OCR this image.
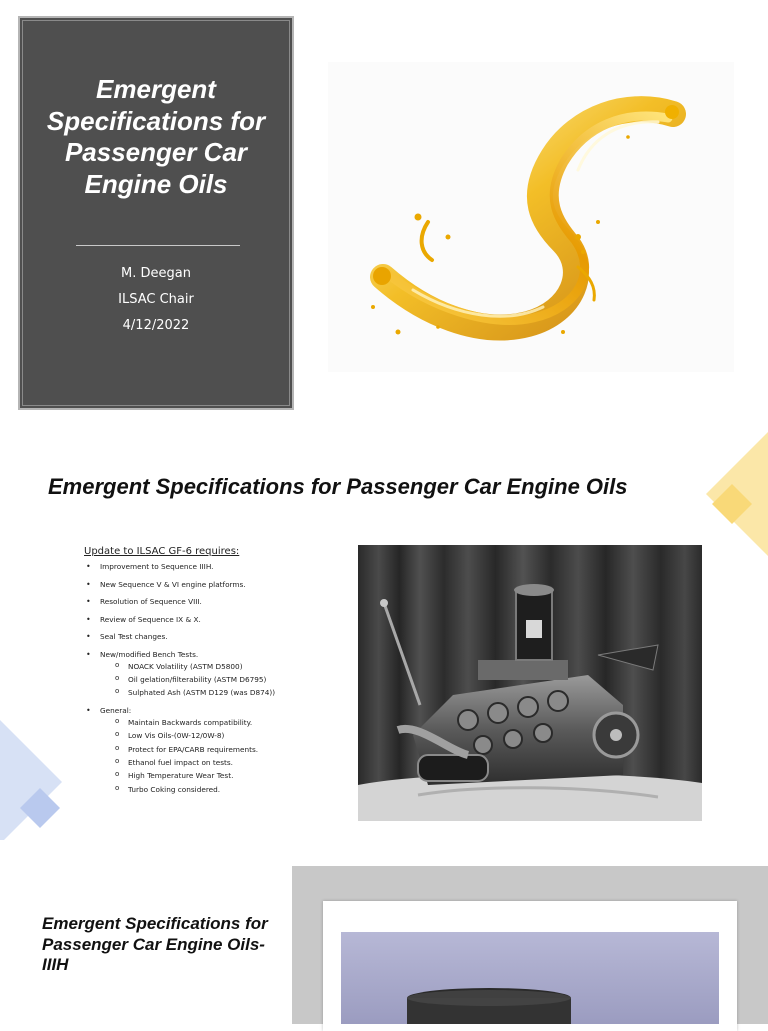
Emergent Specifications for Passenger Car Engine Oils
M. Deegan
ILSAC Chair
4/12/2022
Emergent Specifications for Passenger Car Engine Oils
Update to ILSAC GF-6 requires:
• Improvement to Sequence IIIH.
• New Sequence V & VI engine platforms.
• Resolution of Sequence VIII.
• Review of Sequence IX & X.
• Seal Test changes.
• New/modified Bench Tests.
o NOACK Volatility (ASTM D5800)
o Oil gelation/filterability (ASTM D6795)
o Sulphated Ash (ASTM D129 (was D874))
• General:
o Maintain Backwards compatibility.
o Low Vis Oils-(0W-12/0W-8)
o Protect for EPA/CARB requirements.
o Ethanol fuel impact on tests.
o High Temperature Wear Test.
o Turbo Coking considered.
Emergent Specifications for Passenger Car Engine Oils-IIIH
